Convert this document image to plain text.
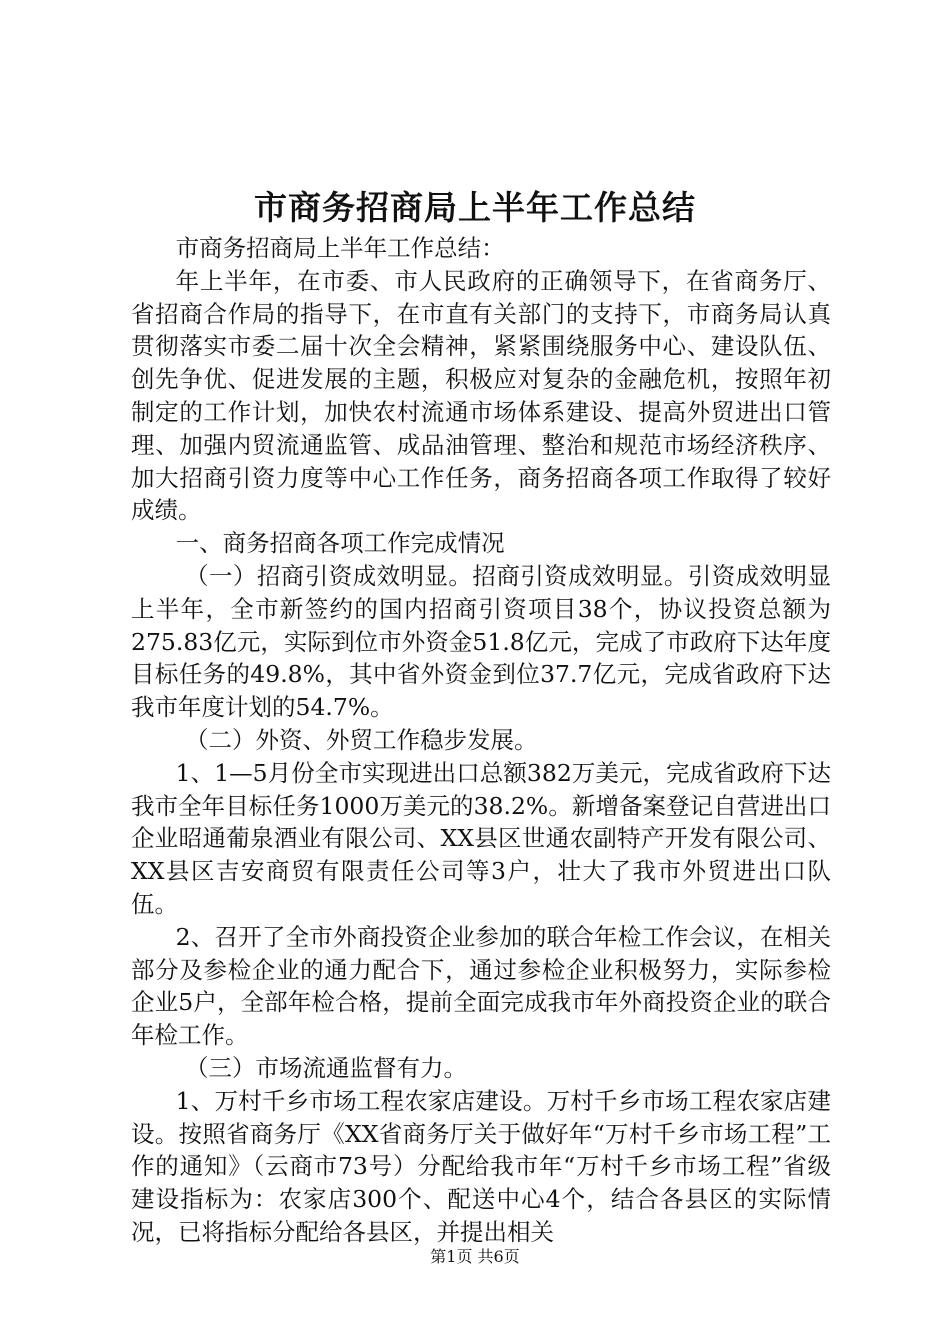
市商务招商局上半年工作总结

市商务招商局上半年工作总结：

年上半年，在市委、市人民政府的正确领导下，在省商务厅、省招商合作局的指导下，在市直有关部门的支持下，市商务局认真贯彻落实市委二届十次全会精神，紧紧围绕服务中心、建设队伍、创先争优、促进发展的主题，积极应对复杂的金融危机，按照年初制定的工作计划，加快农村流通市场体系建设、提高外贸进出口管理、加强内贸流通监管、成品油管理、整治和规范市场经济秩序、加大招商引资力度等中心工作任务，商务招商各项工作取得了较好成绩。

一、商务招商各项工作完成情况

（一）招商引资成效明显。招商引资成效明显。引资成效明显上半年，全市新签约的国内招商引资项目38个，协议投资总额为275.83亿元，实际到位市外资金51.8亿元，完成了市政府下达年度目标任务的49.8%，其中省外资金到位37.7亿元，完成省政府下达我市年度计划的54.7%。

（二）外资、外贸工作稳步发展。

1、1—5月份全市实现进出口总额382万美元，完成省政府下达我市全年目标任务1000万美元的38.2%。新增备案登记自营进出口企业昭通葡泉酒业有限公司、XX县区世通农副特产开发有限公司、XX县区吉安商贸有限责任公司等3户，壮大了我市外贸进出口队伍。

2、召开了全市外商投资企业参加的联合年检工作会议，在相关部分及参检企业的通力配合下，通过参检企业积极努力，实际参检企业5户，全部年检合格，提前全面完成我市年外商投资企业的联合年检工作。

（三）市场流通监督有力。

1、万村千乡市场工程农家店建设。万村千乡市场工程农家店建设。按照省商务厅《XX省商务厅关于做好年“万村千乡市场工程”工作的通知》（云商市73号）分配给我市年“万村千乡市场工程”省级建设指标为：农家店300个、配送中心4个，结合各县区的实际情况，已将指标分配给各县区，并提出相关

第1页 共6页
